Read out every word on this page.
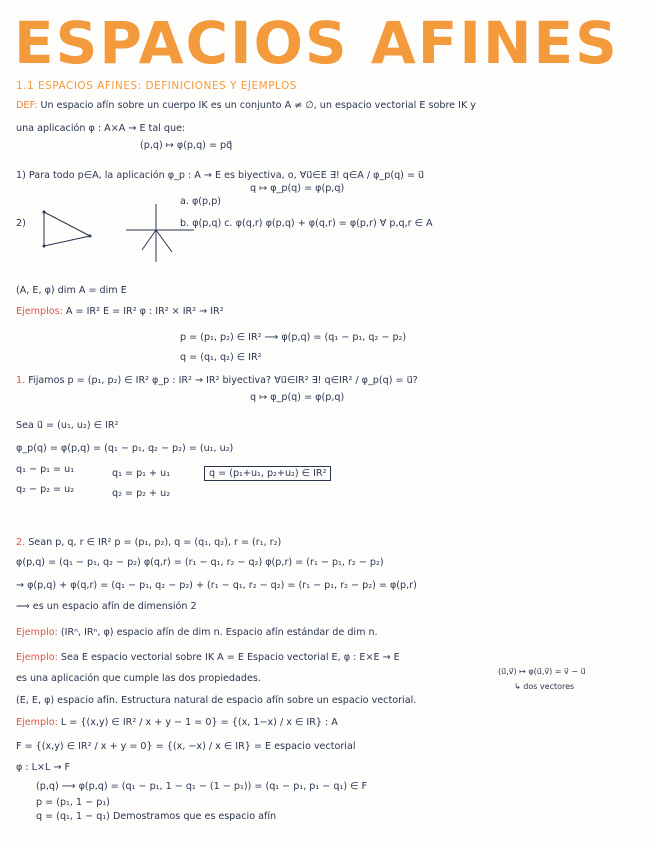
ESPACIOS AFINES
1.1 ESPACIOS AFINES: DEFINICIONES Y EJEMPLOS
DEF: Un espacio afín sobre un cuerpo IK es un conjunto A ≠ ∅, un espacio vectorial E sobre IK y
una aplicación φ : A×A → E tal que:
(p,q) ↦ φ(p,q) = pq⃗
1) Para todo p∈A, la aplicación φ_p : A → E es biyectiva, o, ∀u⃗∈E ∃! q∈A / φ_p(q) = u⃗
q ↦ φ_p(q) = φ(p,q)
a. φ(p,p)
2)	b. φ(p,q) c. φ(q,r) φ(p,q) + φ(q,r) = φ(p,r) ∀ p,q,r ∈ A
(A, E, φ) dim A = dim E
Ejemplos: A = IR² E = IR² φ : IR² × IR² → IR²
p = (p₁, p₂) ∈ IR² ⟶ φ(p,q) = (q₁ − p₁, q₂ − p₂)
q = (q₁, q₂) ∈ IR²
1. Fijamos p = (p₁, p₂) ∈ IR² φ_p : IR² → IR² biyectiva? ∀u⃗∈IR² ∃! q∈IR² / φ_p(q) = u⃗?
q ↦ φ_p(q) = φ(p,q)
Sea u⃗ = (u₁, u₂) ∈ IR²
φ_p(q) = φ(p,q) = (q₁ − p₁, q₂ − p₂) = (u₁, u₂)
q₁ − p₁ = u₁
q₂ − p₂ = u₂
q₁ = p₁ + u₁
q₂ = p₂ + u₂
q = (p₁+u₁, p₂+u₂) ∈ IR²
2. Sean p, q, r ∈ IR² p = (p₁, p₂), q = (q₁, q₂), r = (r₁, r₂)
φ(p,q) = (q₁ − p₁, q₂ − p₂) φ(q,r) = (r₁ − q₁, r₂ − q₂) φ(p,r) = (r₁ − p₁, r₂ − p₂)
→ φ(p,q) + φ(q,r) = (q₁ − p₁, q₂ − p₂) + (r₁ − q₁, r₂ − q₂) = (r₁ − p₁, r₂ − p₂) = φ(p,r)
⟹ es un espacio afín de dimensión 2
Ejemplo: (IRⁿ, IRⁿ, φ) espacio afín de dim n. Espacio afín estándar de dim n.
Ejemplo: Sea E espacio vectorial sobre IK A = E Espacio vectorial E, φ : E×E → E
(u⃗,v⃗) ↦ φ(u⃗,v⃗) = v⃗ − u⃗
↳ dos vectores
es una aplicación que cumple las dos propiedades.
(E, E, φ) espacio afín. Estructura natural de espacio afín sobre un espacio vectorial.
Ejemplo: L = {(x,y) ∈ IR² / x + y − 1 = 0} = {(x, 1−x) / x ∈ IR} : A
F = {(x,y) ∈ IR² / x + y = 0} = {(x, −x) / x ∈ IR} = E espacio vectorial
φ : L×L → F
(p,q) ⟶ φ(p,q) = (q₁ − p₁, 1 − q₁ − (1 − p₁)) = (q₁ − p₁, p₁ − q₁) ∈ F
p = (p₁, 1 − p₁)
q = (q₁, 1 − q₁) Demostramos que es espacio afín
